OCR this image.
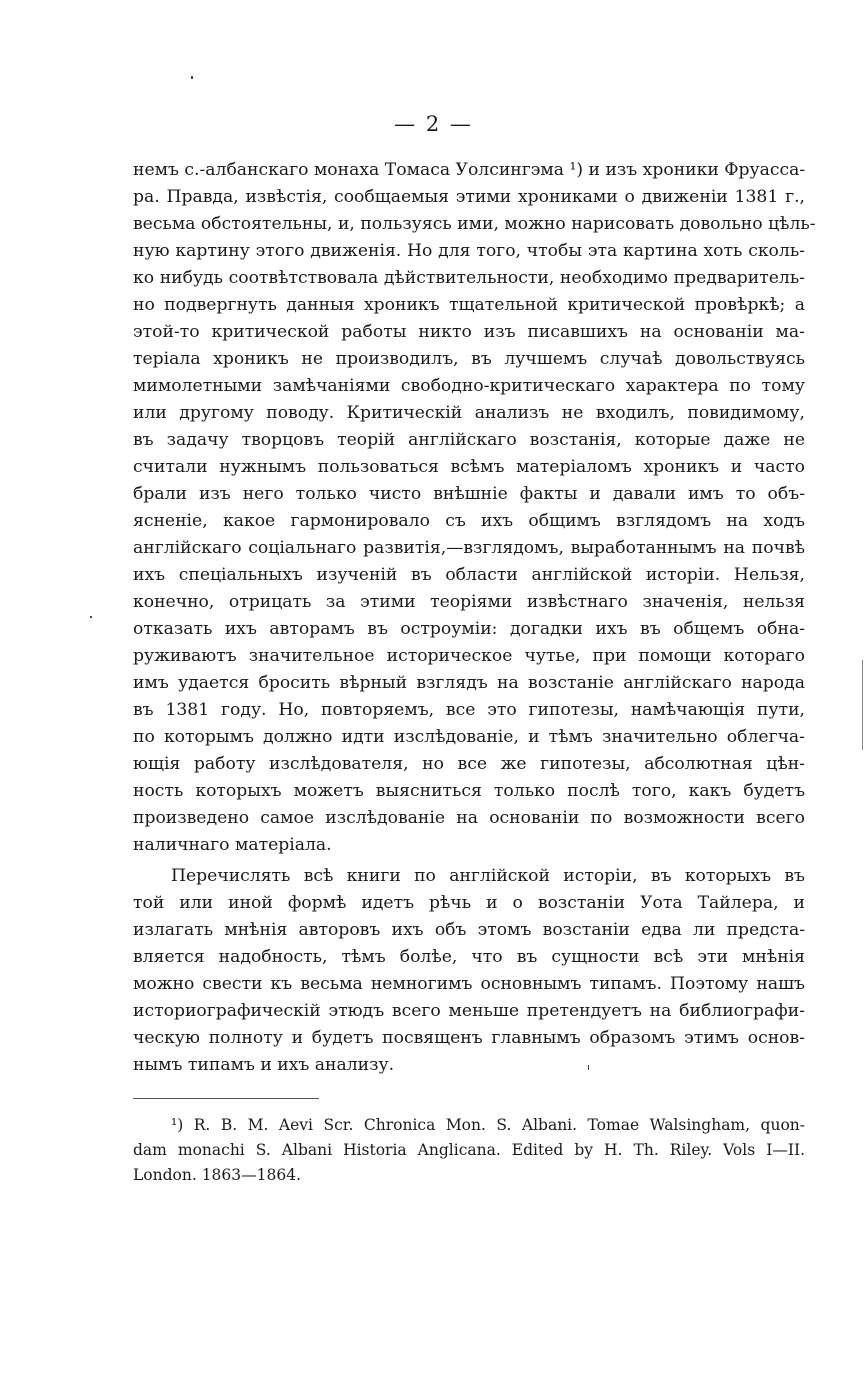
— 2 —
немъ с.-албанскаго монаха Томаса Уолсингэма ¹) и изъ хроники Фруасса-
ра. Правда, извѣстія, сообщаемыя этими хрониками о движеніи 1381 г.,
весьма обстоятельны, и, пользуясь ими, можно нарисовать довольно цѣль-
ную картину этого движенія. Но для того, чтобы эта картина хоть сколь-
ко нибудь соотвѣтствовала дѣйствительности, необходимо предваритель-
но подвергнуть данныя хроникъ тщательной критической провѣркѣ; а
этой-то критической работы никто изъ писавшихъ на основаніи ма-
теріала хроникъ не производилъ, въ лучшемъ случаѣ довольствуясь
мимолетными замѣчаніями свободно-критическаго характера по тому
или другому поводу. Критическій анализъ не входилъ, повидимому,
въ задачу творцовъ теорій англійскаго возстанія, которые даже не
считали нужнымъ пользоваться всѣмъ матеріаломъ хроникъ и часто
брали изъ него только чисто внѣшніе факты и давали имъ то объ-
ясненіе, какое гармонировало съ ихъ общимъ взглядомъ на ходъ
англійскаго соціальнаго развитія,—взглядомъ, выработаннымъ на почвѣ
ихъ спеціальныхъ изученій въ области англійской исторіи. Нельзя,
конечно, отрицать за этими теоріями извѣстнаго значенія, нельзя
отказать ихъ авторамъ въ остроуміи: догадки ихъ въ общемъ обна-
руживаютъ значительное историческое чутье, при помощи котораго
имъ удается бросить вѣрный взглядъ на возстаніе англійскаго народа
въ 1381 году. Но, повторяемъ, все это гипотезы, намѣчающія пути,
по которымъ должно идти изслѣдованіе, и тѣмъ значительно облегча-
ющія работу изслѣдователя, но все же гипотезы, абсолютная цѣн-
ность которыхъ можетъ выясниться только послѣ того, какъ будетъ
произведено самое изслѣдованіе на основаніи по возможности всего
наличнаго матеріала.
Перечислять всѣ книги по англійской исторіи, въ которыхъ въ
той или иной формѣ идетъ рѣчь и о возстаніи Уота Тайлера, и
излагать мнѣнія авторовъ ихъ объ этомъ возстаніи едва ли предста-
вляется надобность, тѣмъ болѣе, что въ сущности всѣ эти мнѣнія
можно свести къ весьма немногимъ основнымъ типамъ. Поэтому нашъ
историографическій этюдъ всего меньше претендуетъ на библиографи-
ческую полноту и будетъ посвященъ главнымъ образомъ этимъ основ-
нымъ типамъ и ихъ анализу.
¹) R. B. M. Aevi Scr. Chronica Mon. S. Albani. Tomae Walsingham, quon-
dam monachi S. Albani Historia Anglicana. Edited by H. Th. Riley. Vols I—II.
London. 1863—1864.
